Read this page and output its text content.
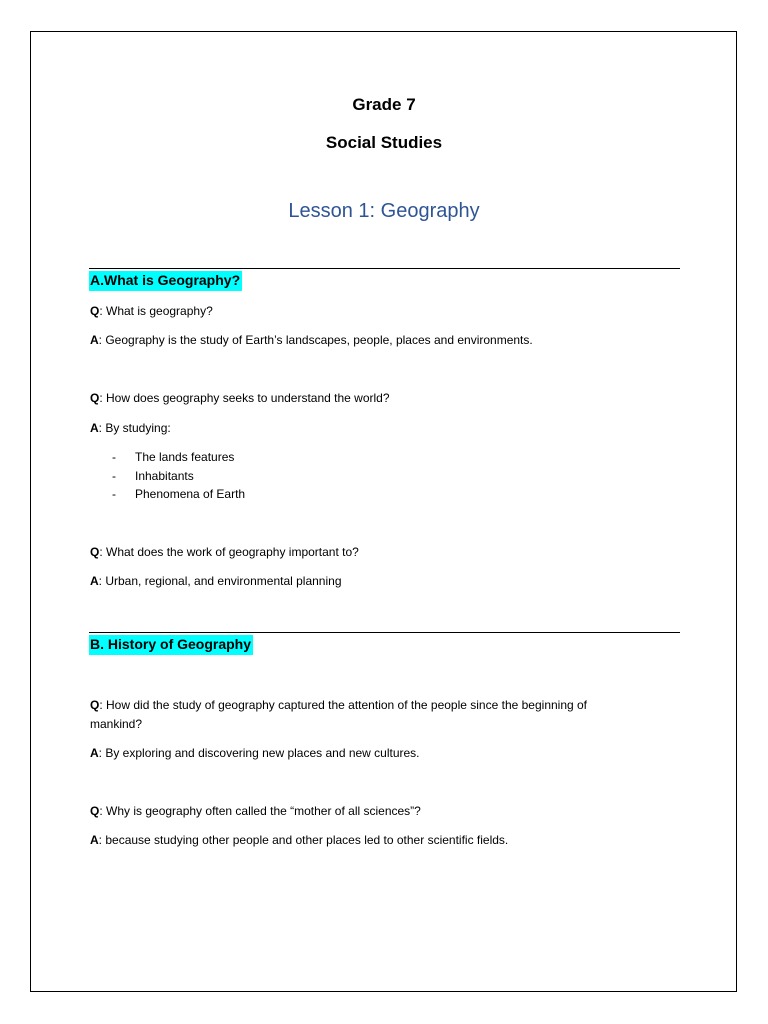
Grade 7
Social Studies
Lesson 1: Geography
A.What is Geography?
Q: What is geography?
A: Geography is the study of Earth’s landscapes, people, places and environments.
Q: How does geography seeks to understand the world?
A: By studying:
- The lands features
- Inhabitants
- Phenomena of Earth
Q: What does the work of geography important to?
A: Urban, regional, and environmental planning
B. History of Geography
Q: How did the study of geography captured the attention of the people since the beginning of
mankind?
A: By exploring and discovering new places and new cultures.
Q: Why is geography often called the “mother of all sciences”?
A: because studying other people and other places led to other scientific fields.
